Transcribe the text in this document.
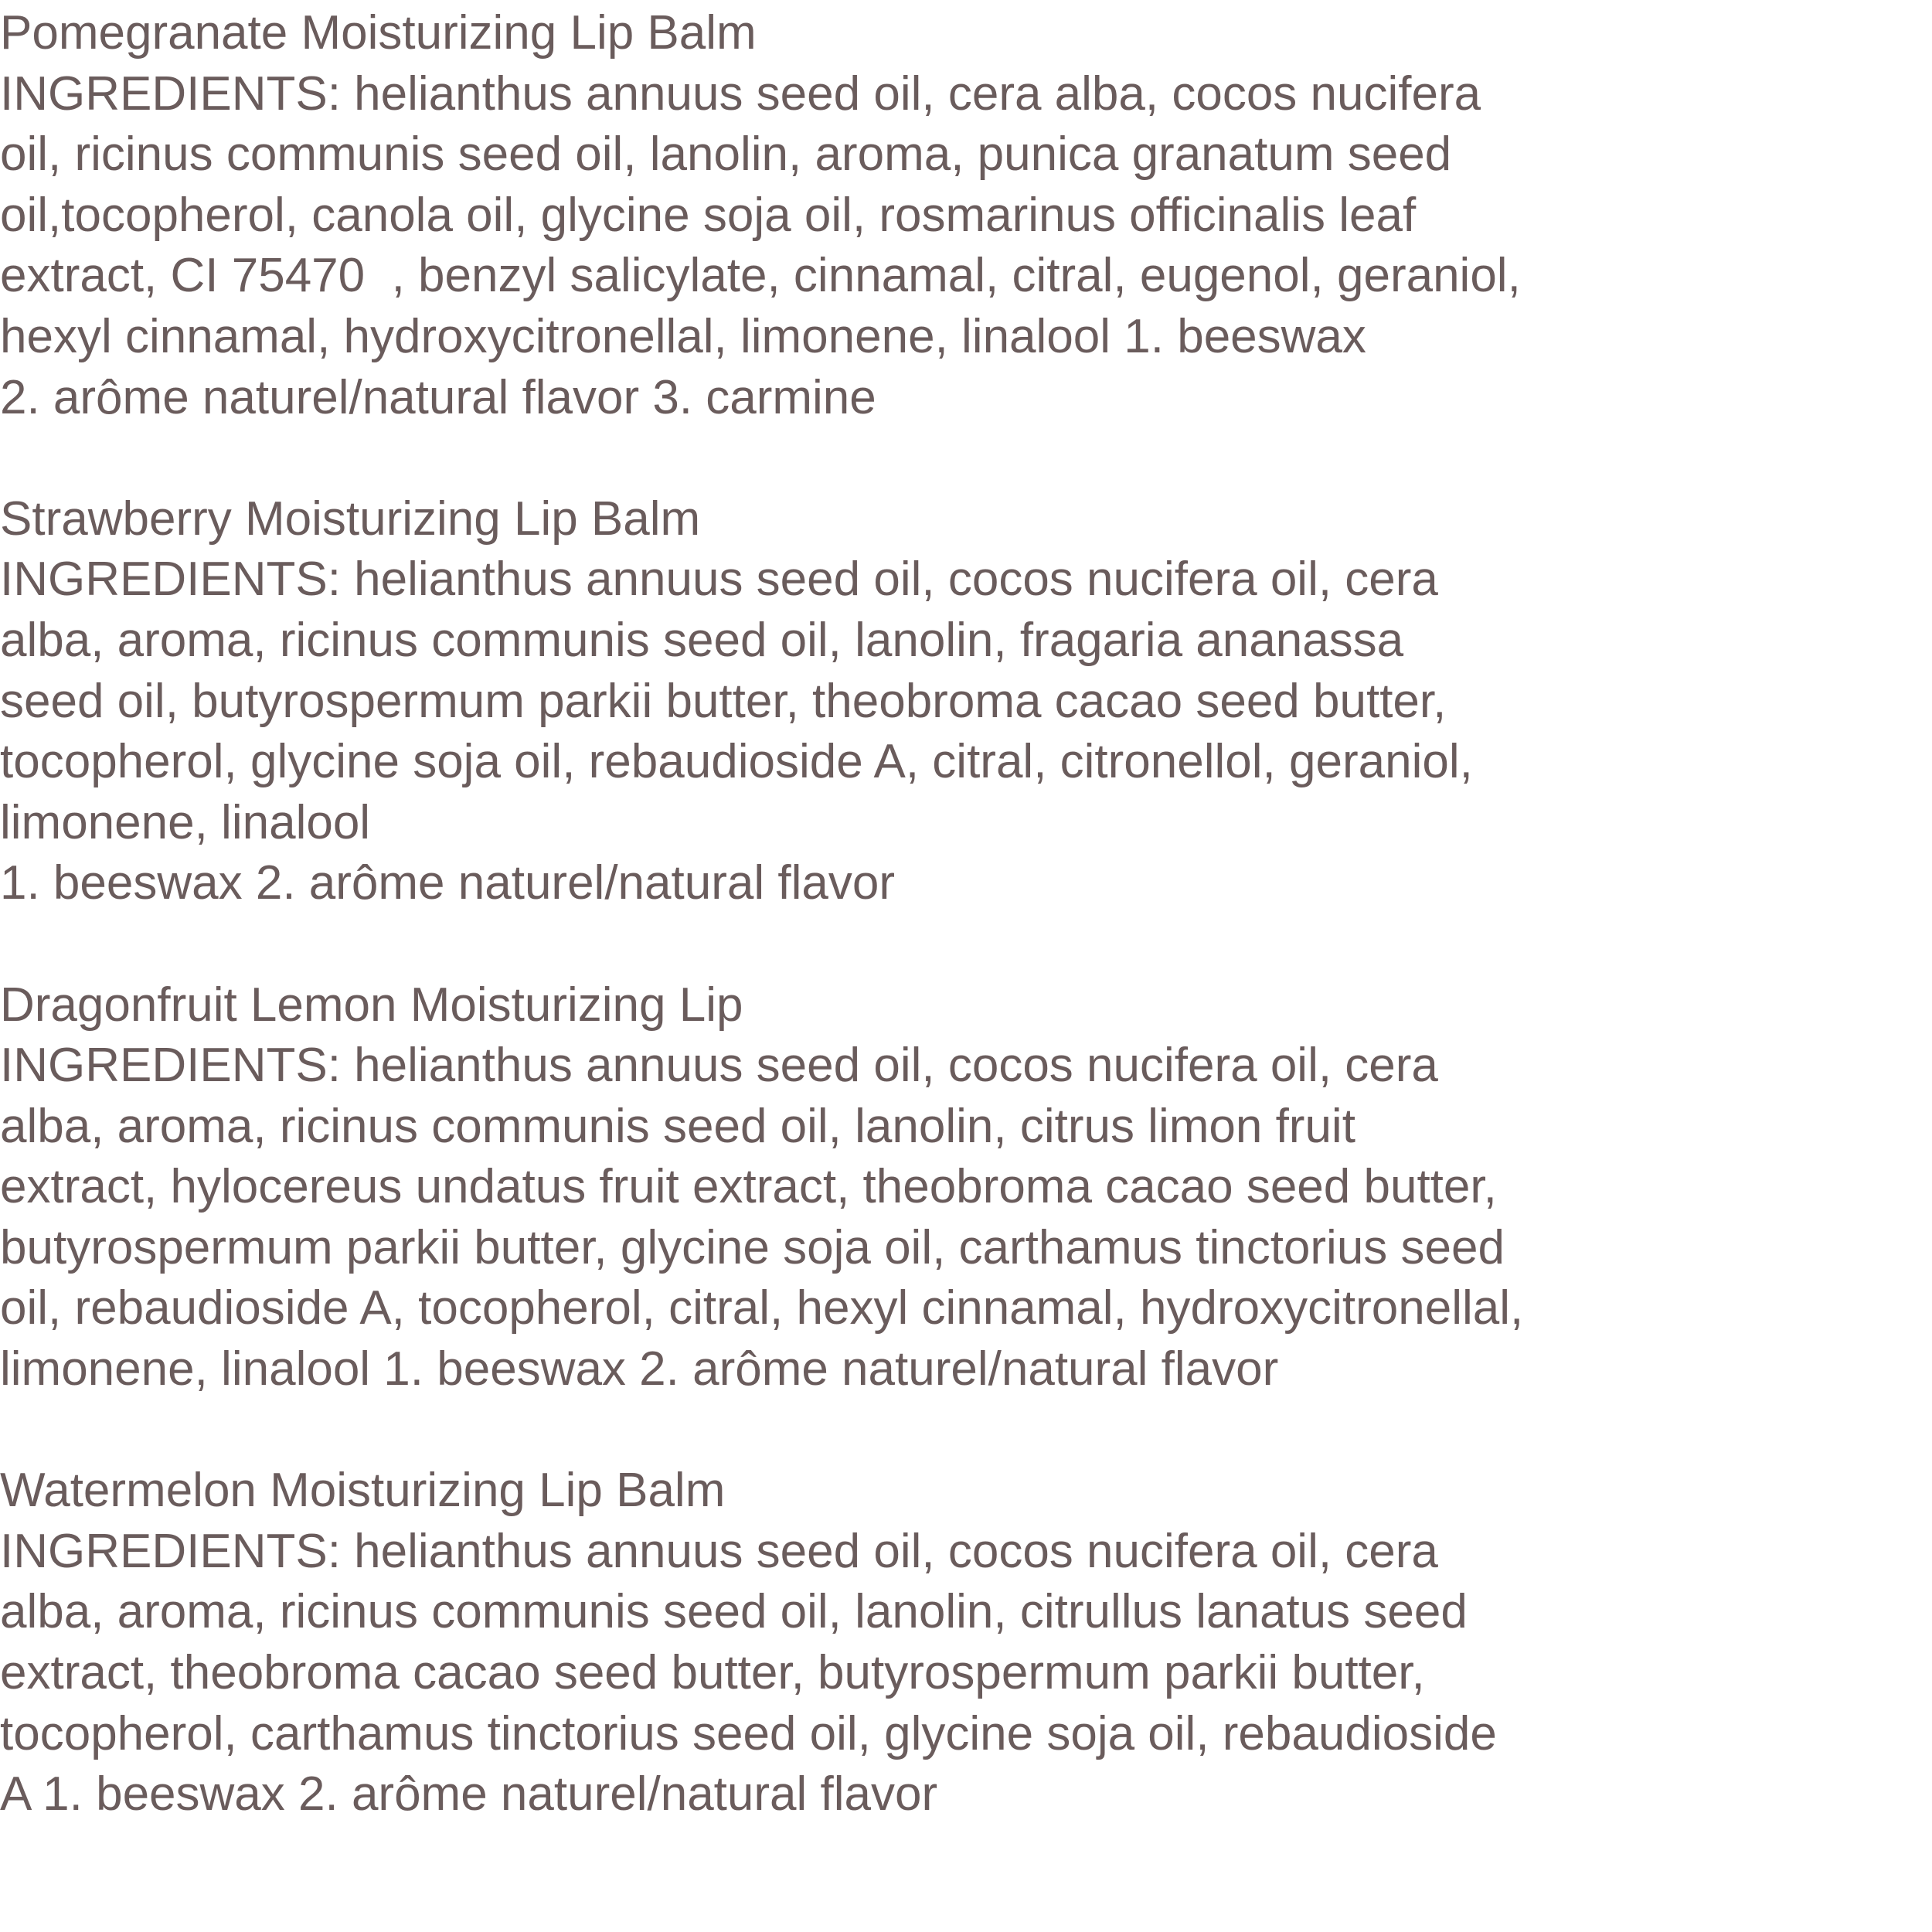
Pomegranate Moisturizing Lip Balm
INGREDIENTS: helianthus annuus seed oil, cera alba, cocos nucifera
oil, ricinus communis seed oil, lanolin, aroma, punica granatum seed
oil,tocopherol, canola oil, glycine soja oil, rosmarinus officinalis leaf
extract, CI 75470  , benzyl salicylate, cinnamal, citral, eugenol, geraniol,
hexyl cinnamal, hydroxycitronellal, limonene, linalool 1. beeswax
2. arôme naturel/natural flavor 3. carmine
Strawberry Moisturizing Lip Balm
INGREDIENTS: helianthus annuus seed oil, cocos nucifera oil, cera
alba, aroma, ricinus communis seed oil, lanolin, fragaria ananassa
seed oil, butyrospermum parkii butter, theobroma cacao seed butter,
tocopherol, glycine soja oil, rebaudioside A, citral, citronellol, geraniol,
limonene, linalool
1. beeswax 2. arôme naturel/natural flavor
Dragonfruit Lemon Moisturizing Lip
INGREDIENTS: helianthus annuus seed oil, cocos nucifera oil, cera
alba, aroma, ricinus communis seed oil, lanolin, citrus limon fruit
extract, hylocereus undatus fruit extract, theobroma cacao seed butter,
butyrospermum parkii butter, glycine soja oil, carthamus tinctorius seed
oil, rebaudioside A, tocopherol, citral, hexyl cinnamal, hydroxycitronellal,
limonene, linalool 1. beeswax 2. arôme naturel/natural flavor
Watermelon Moisturizing Lip Balm
INGREDIENTS: helianthus annuus seed oil, cocos nucifera oil, cera
alba, aroma, ricinus communis seed oil, lanolin, citrullus lanatus seed
extract, theobroma cacao seed butter, butyrospermum parkii butter,
tocopherol, carthamus tinctorius seed oil, glycine soja oil, rebaudioside
A 1. beeswax 2. arôme naturel/natural flavor
